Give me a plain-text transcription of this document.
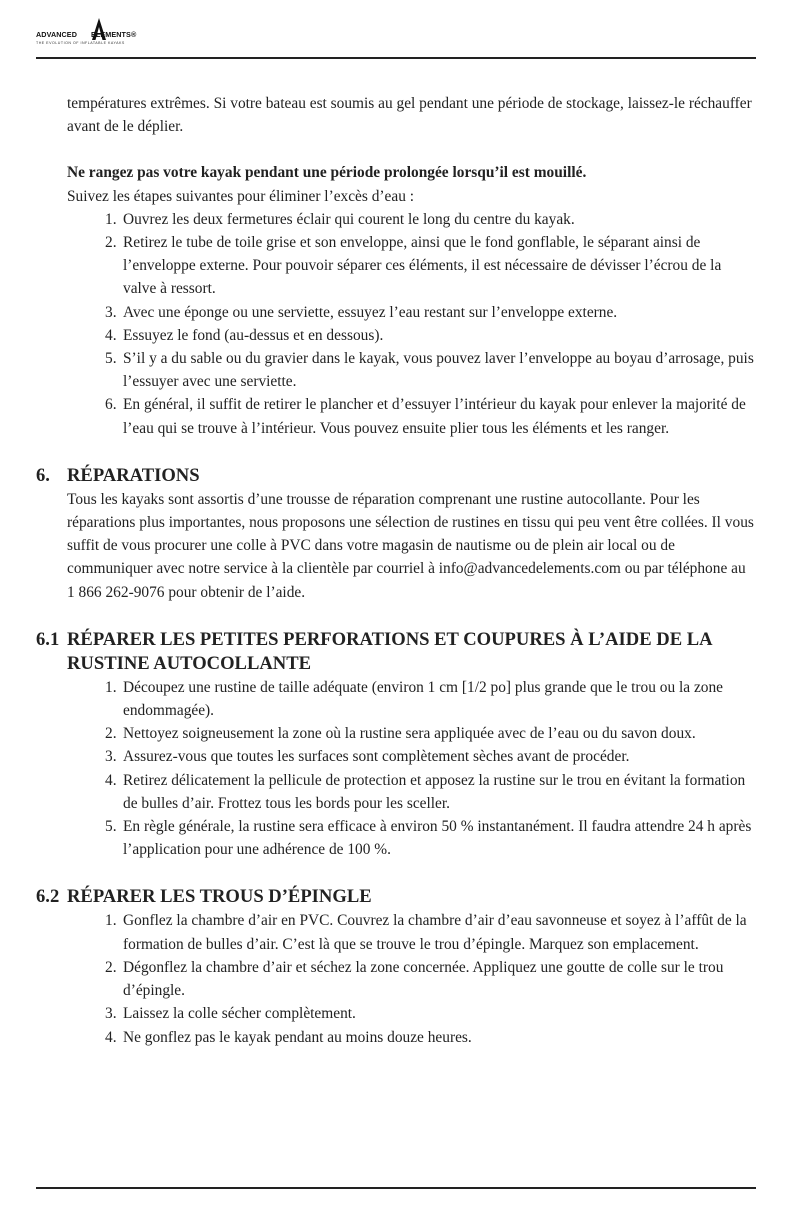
ADVANCED ELEMENTS®
THE EVOLUTION OF INFLATABLE KAYAKS

températures extrêmes. Si votre bateau est soumis au gel pendant une période de stockage, laissez-le réchauffer avant de le déplier.

Ne rangez pas votre kayak pendant une période prolongée lorsqu’il est mouillé.

Suivez les étapes suivantes pour éliminer l’excès d’eau :

1. Ouvrez les deux fermetures éclair qui courent le long du centre du kayak.
2. Retirez le tube de toile grise et son enveloppe, ainsi que le fond gonflable, le séparant ainsi de l’enveloppe externe. Pour pouvoir séparer ces éléments, il est nécessaire de dévisser l’écrou de la valve à ressort.
3. Avec une éponge ou une serviette, essuyez l’eau restant sur l’enveloppe externe.
4. Essuyez le fond (au-dessus et en dessous).
5. S’il y a du sable ou du gravier dans le kayak, vous pouvez laver l’enveloppe au boyau d’arrosage, puis l’essuyer avec une serviette.
6. En général, il suffit de retirer le plancher et d’essuyer l’intérieur du kayak pour enlever la majorité de l’eau qui se trouve à l’intérieur. Vous pouvez ensuite plier tous les éléments et les ranger.
6. RÉPARATIONS

Tous les kayaks sont assortis d’une trousse de réparation comprenant une rustine autocollante. Pour les réparations plus importantes, nous proposons une sélection de rustines en tissu qui peu vent être collées. Il vous suffit de vous procurer une colle à PVC dans votre magasin de nautisme ou de plein air local ou de communiquer avec notre service à la clientèle par courriel à info@advancedelements.com ou par téléphone au 1 866 262-9076 pour obtenir de l’aide.

6.1 RÉPARER LES PETITES PERFORATIONS ET COUPURES À L’AIDE DE LA RUSTINE AUTOCOLLANTE
1. Découpez une rustine de taille adéquate (environ 1 cm [1/2 po] plus grande que le trou ou la zone endommagée).
2. Nettoyez soigneusement la zone où la rustine sera appliquée avec de l’eau ou du savon doux.
3. Assurez-vous que toutes les surfaces sont complètement sèches avant de procéder.
4. Retirez délicatement la pellicule de protection et apposez la rustine sur le trou en évitant la formation de bulles d’air. Frottez tous les bords pour les sceller.
5. En règle générale, la rustine sera efficace à environ 50 % instantanément. Il faudra attendre 24 h après l’application pour une adhérence de 100 %.
6.2 RÉPARER LES TROUS D’ÉPINGLE
1. Gonflez la chambre d’air en PVC. Couvrez la chambre d’air d’eau savonneuse et soyez à l’affût de la formation de bulles d’air. C’est là que se trouve le trou d’épingle. Marquez son emplacement.
2. Dégonflez la chambre d’air et séchez la zone concernée. Appliquez une goutte de colle sur le trou d’épingle.
3. Laissez la colle sécher complètement.
4. Ne gonflez pas le kayak pendant au moins douze heures.
